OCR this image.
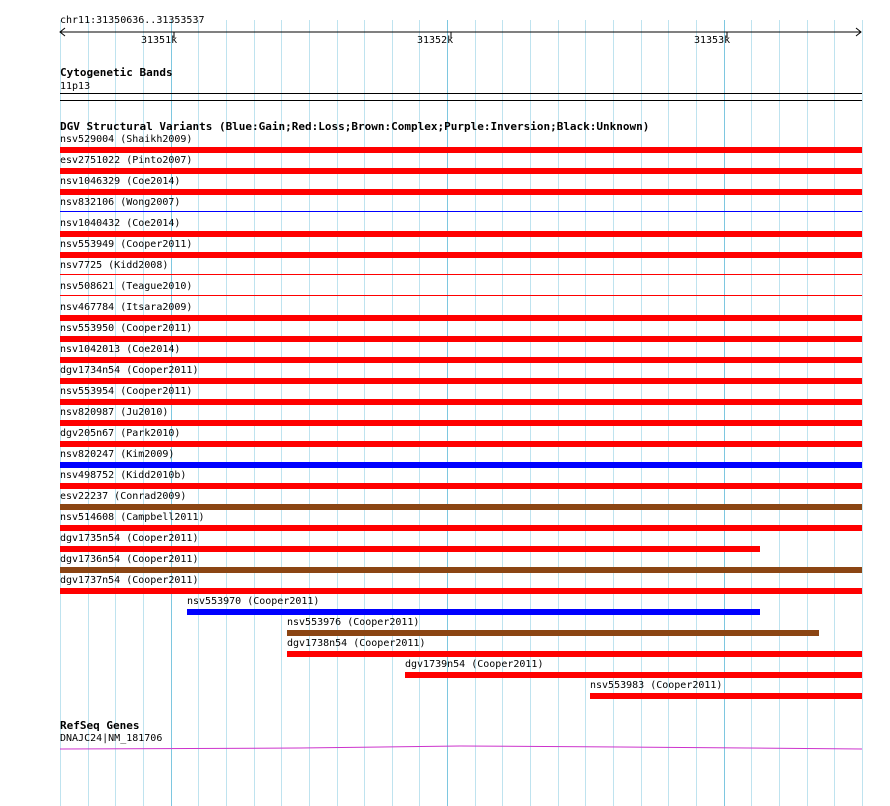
chr11:31350636..31353537
31351k	31352k	31353k
Cytogenetic Bands
11p13
DGV Structural Variants (Blue:Gain;Red:Loss;Brown:Complex;Purple:Inversion;Black:Unknown)
nsv529004 (Shaikh2009)
esv2751022 (Pinto2007)
nsv1046329 (Coe2014)
nsv832106 (Wong2007)
nsv1040432 (Coe2014)
nsv553949 (Cooper2011)
nsv7725 (Kidd2008)
nsv508621 (Teague2010)
nsv467784 (Itsara2009)
nsv553950 (Cooper2011)
nsv1042013 (Coe2014)
dgv1734n54 (Cooper2011)
nsv553954 (Cooper2011)
nsv820987 (Ju2010)
dgv205n67 (Park2010)
nsv820247 (Kim2009)
nsv498752 (Kidd2010b)
esv22237 (Conrad2009)
nsv514608 (Campbell2011)
dgv1735n54 (Cooper2011)
dgv1736n54 (Cooper2011)
dgv1737n54 (Cooper2011)
nsv553970 (Cooper2011)
nsv553976 (Cooper2011)
dgv1738n54 (Cooper2011)
dgv1739n54 (Cooper2011)
nsv553983 (Cooper2011)
RefSeq Genes
DNAJC24|NM_181706
